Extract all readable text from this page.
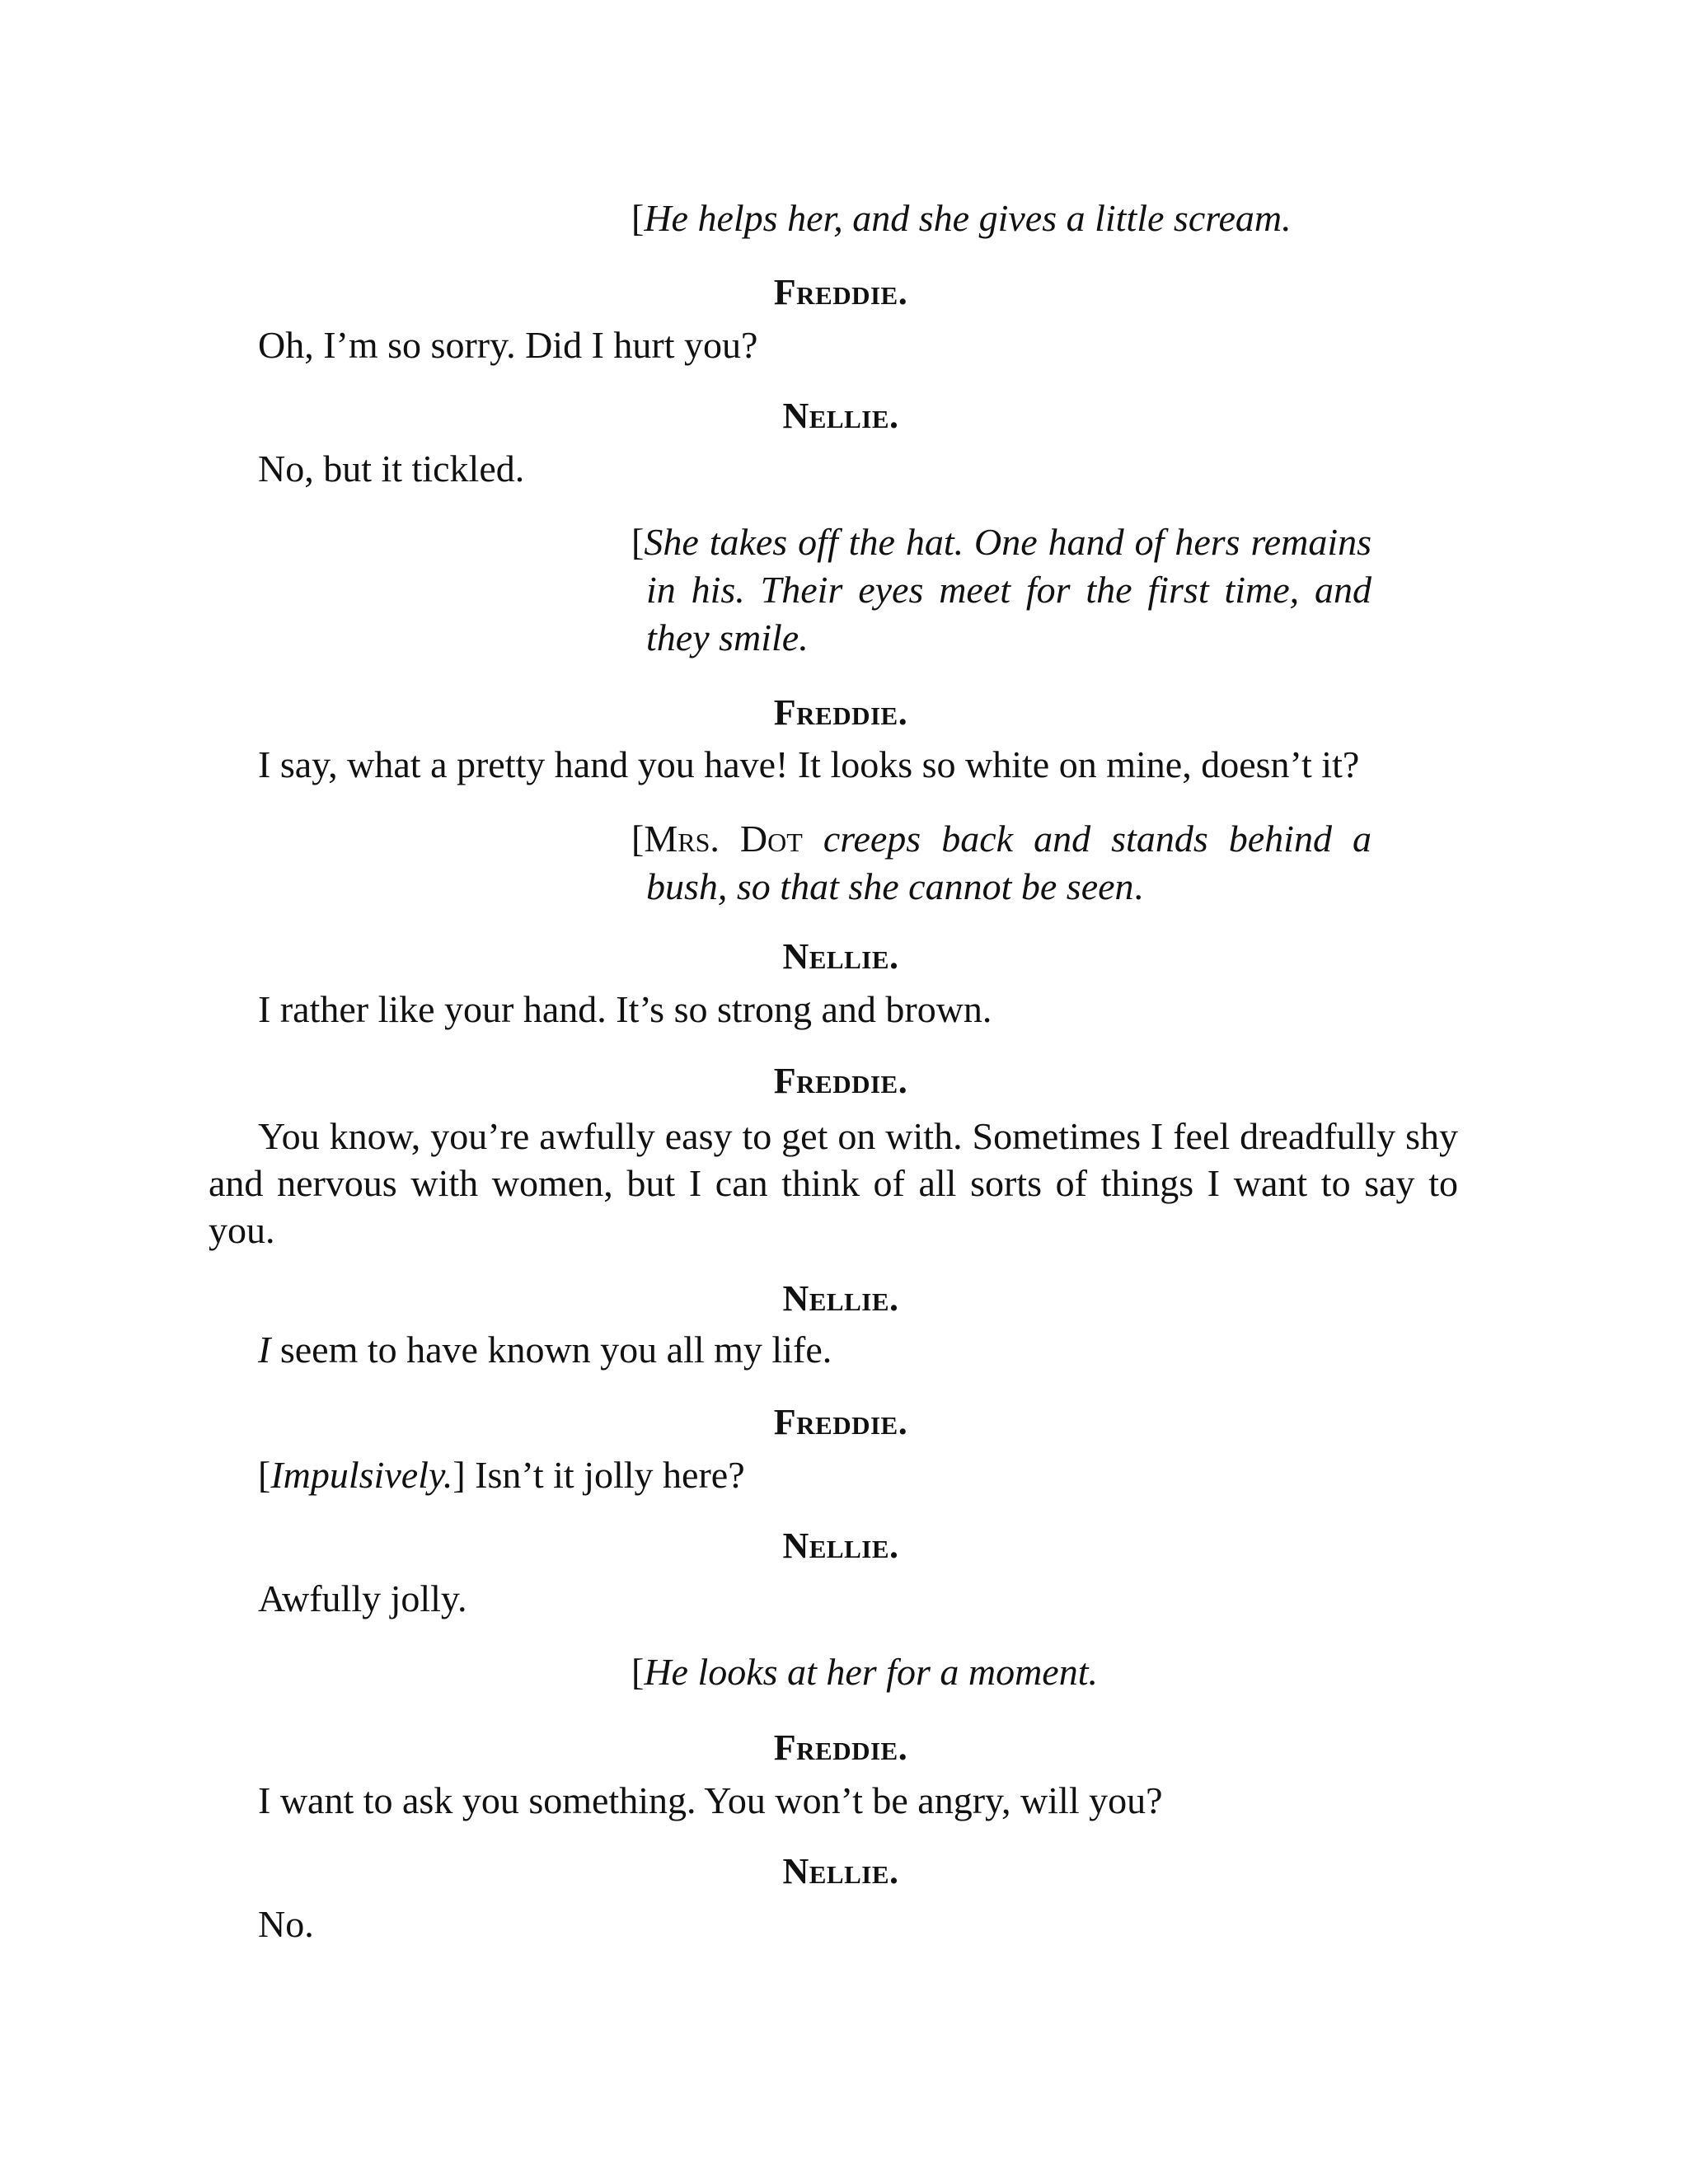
[He helps her, and she gives a little scream.

Freddie.

Oh, I’m so sorry. Did I hurt you?

Nellie.

No, but it tickled.

[She takes off the hat. One hand of hers remains in his. Their eyes meet for the first time, and they smile.

Freddie.

I say, what a pretty hand you have! It looks so white on mine, doesn’t it?

[Mrs. Dot creeps back and stands behind a bush, so that she cannot be seen.

Nellie.

I rather like your hand. It’s so strong and brown.

Freddie.

You know, you’re awfully easy to get on with. Sometimes I feel dreadfully shy and nervous with women, but I can think of all sorts of things I want to say to you.

Nellie.

I seem to have known you all my life.

Freddie.

[Impulsively.] Isn’t it jolly here?

Nellie.

Awfully jolly.

[He looks at her for a moment.

Freddie.

I want to ask you something. You won’t be angry, will you?

Nellie.

No.
